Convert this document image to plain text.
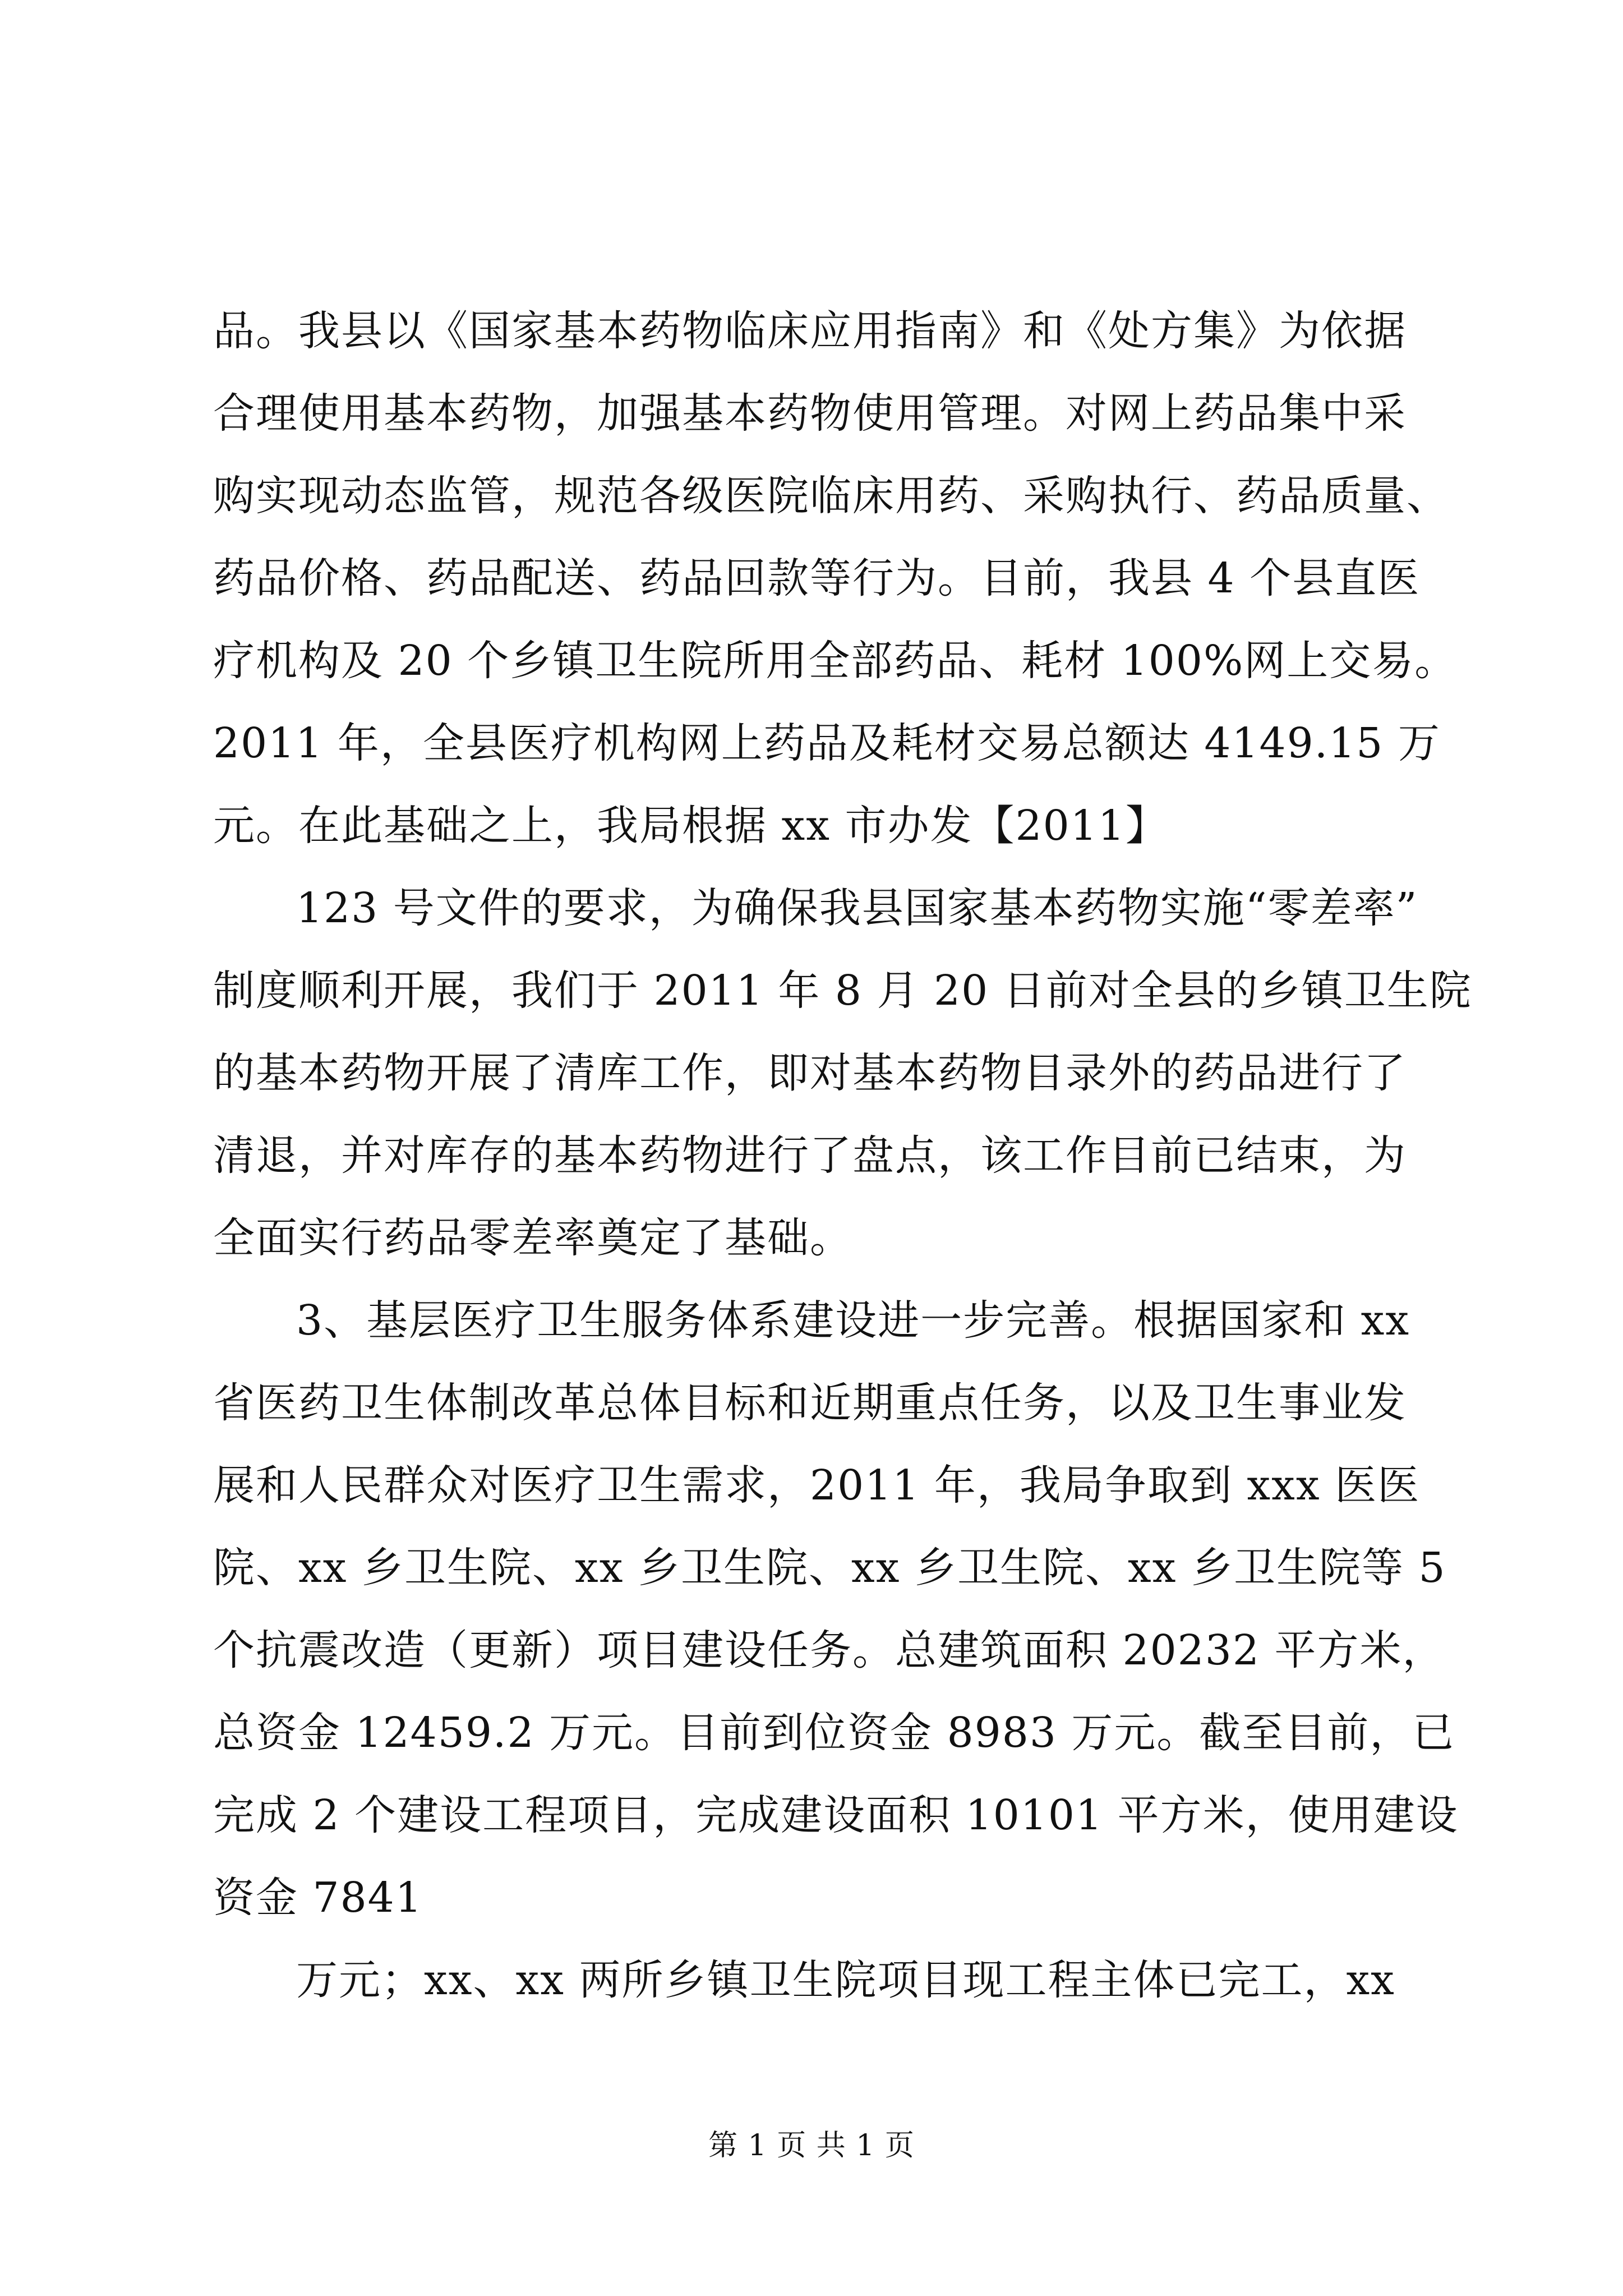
品。我县以《国家基本药物临床应用指南》和《处方集》为依据
合理使用基本药物，加强基本药物使用管理。对网上药品集中采
购实现动态监管，规范各级医院临床用药、采购执行、药品质量、
药品价格、药品配送、药品回款等行为。目前，我县 4 个县直医
疗机构及 20 个乡镇卫生院所用全部药品、耗材 100%网上交易。
2011 年，全县医疗机构网上药品及耗材交易总额达 4149.15 万
元。在此基础之上，我局根据 xx 市办发【2011】
123 号文件的要求，为确保我县国家基本药物实施“零差率”
制度顺利开展，我们于 2011 年 8 月 20 日前对全县的乡镇卫生院
的基本药物开展了清库工作，即对基本药物目录外的药品进行了
清退，并对库存的基本药物进行了盘点，该工作目前已结束，为
全面实行药品零差率奠定了基础。
3、基层医疗卫生服务体系建设进一步完善。根据国家和 xx
省医药卫生体制改革总体目标和近期重点任务，以及卫生事业发
展和人民群众对医疗卫生需求，2011 年，我局争取到 xxx 医医
院、xx 乡卫生院、xx 乡卫生院、xx 乡卫生院、xx 乡卫生院等 5
个抗震改造（更新）项目建设任务。总建筑面积 20232 平方米，
总资金 12459.2 万元。目前到位资金 8983 万元。截至目前，已
完成 2 个建设工程项目，完成建设面积 10101 平方米，使用建设
资金 7841
万元；xx、xx 两所乡镇卫生院项目现工程主体已完工，xx
第 1 页 共 1 页
